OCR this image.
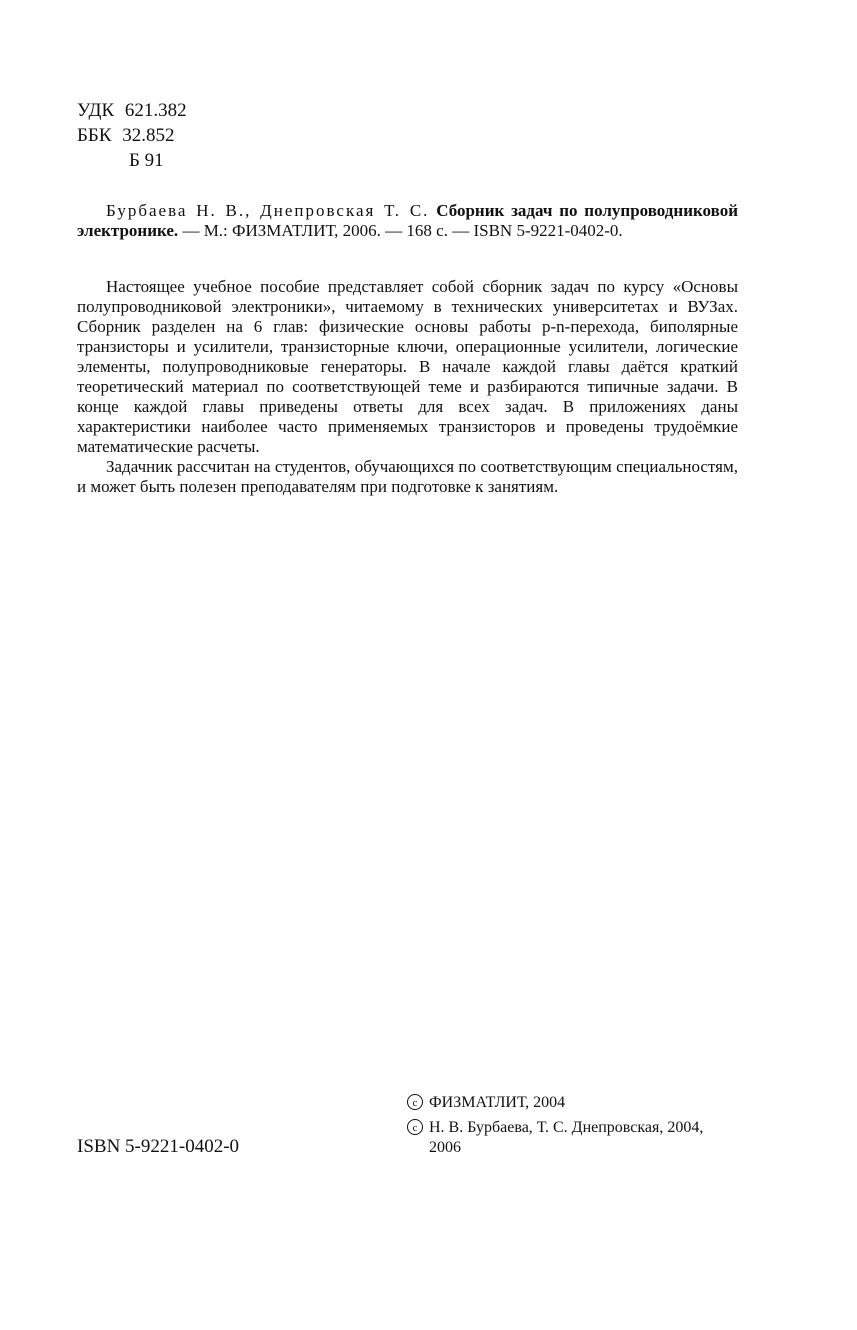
УДК 621.382
ББК 32.852
Б 91
Бурбаева Н. В., Днепровская Т. С. Сборник задач по полупроводниковой электронике. — М.: ФИЗМАТЛИТ, 2006. — 168 с. — ISBN 5-9221-0402-0.

Настоящее учебное пособие представляет собой сборник задач по курсу «Основы полупроводниковой электроники», читаемому в технических университетах и ВУЗах. Сборник разделен на 6 глав: физические основы работы p-n-перехода, биполярные транзисторы и усилители, транзисторные ключи, операционные усилители, логические элементы, полупроводниковые генераторы. В начале каждой главы даётся краткий теоретический материал по соответствующей теме и разбираются типичные задачи. В конце каждой главы приведены ответы для всех задач. В приложениях даны характеристики наиболее часто применяемых транзисторов и проведены трудоёмкие математические расчеты.

Задачник рассчитан на студентов, обучающихся по соответствующим специальностям, и может быть полезен преподавателям при подготовке к занятиям.

ISBN 5-9221-0402-0
c ФИЗМАТЛИТ, 2004
c Н. В. Бурбаева, Т. С. Днепровская, 2004, 2006
